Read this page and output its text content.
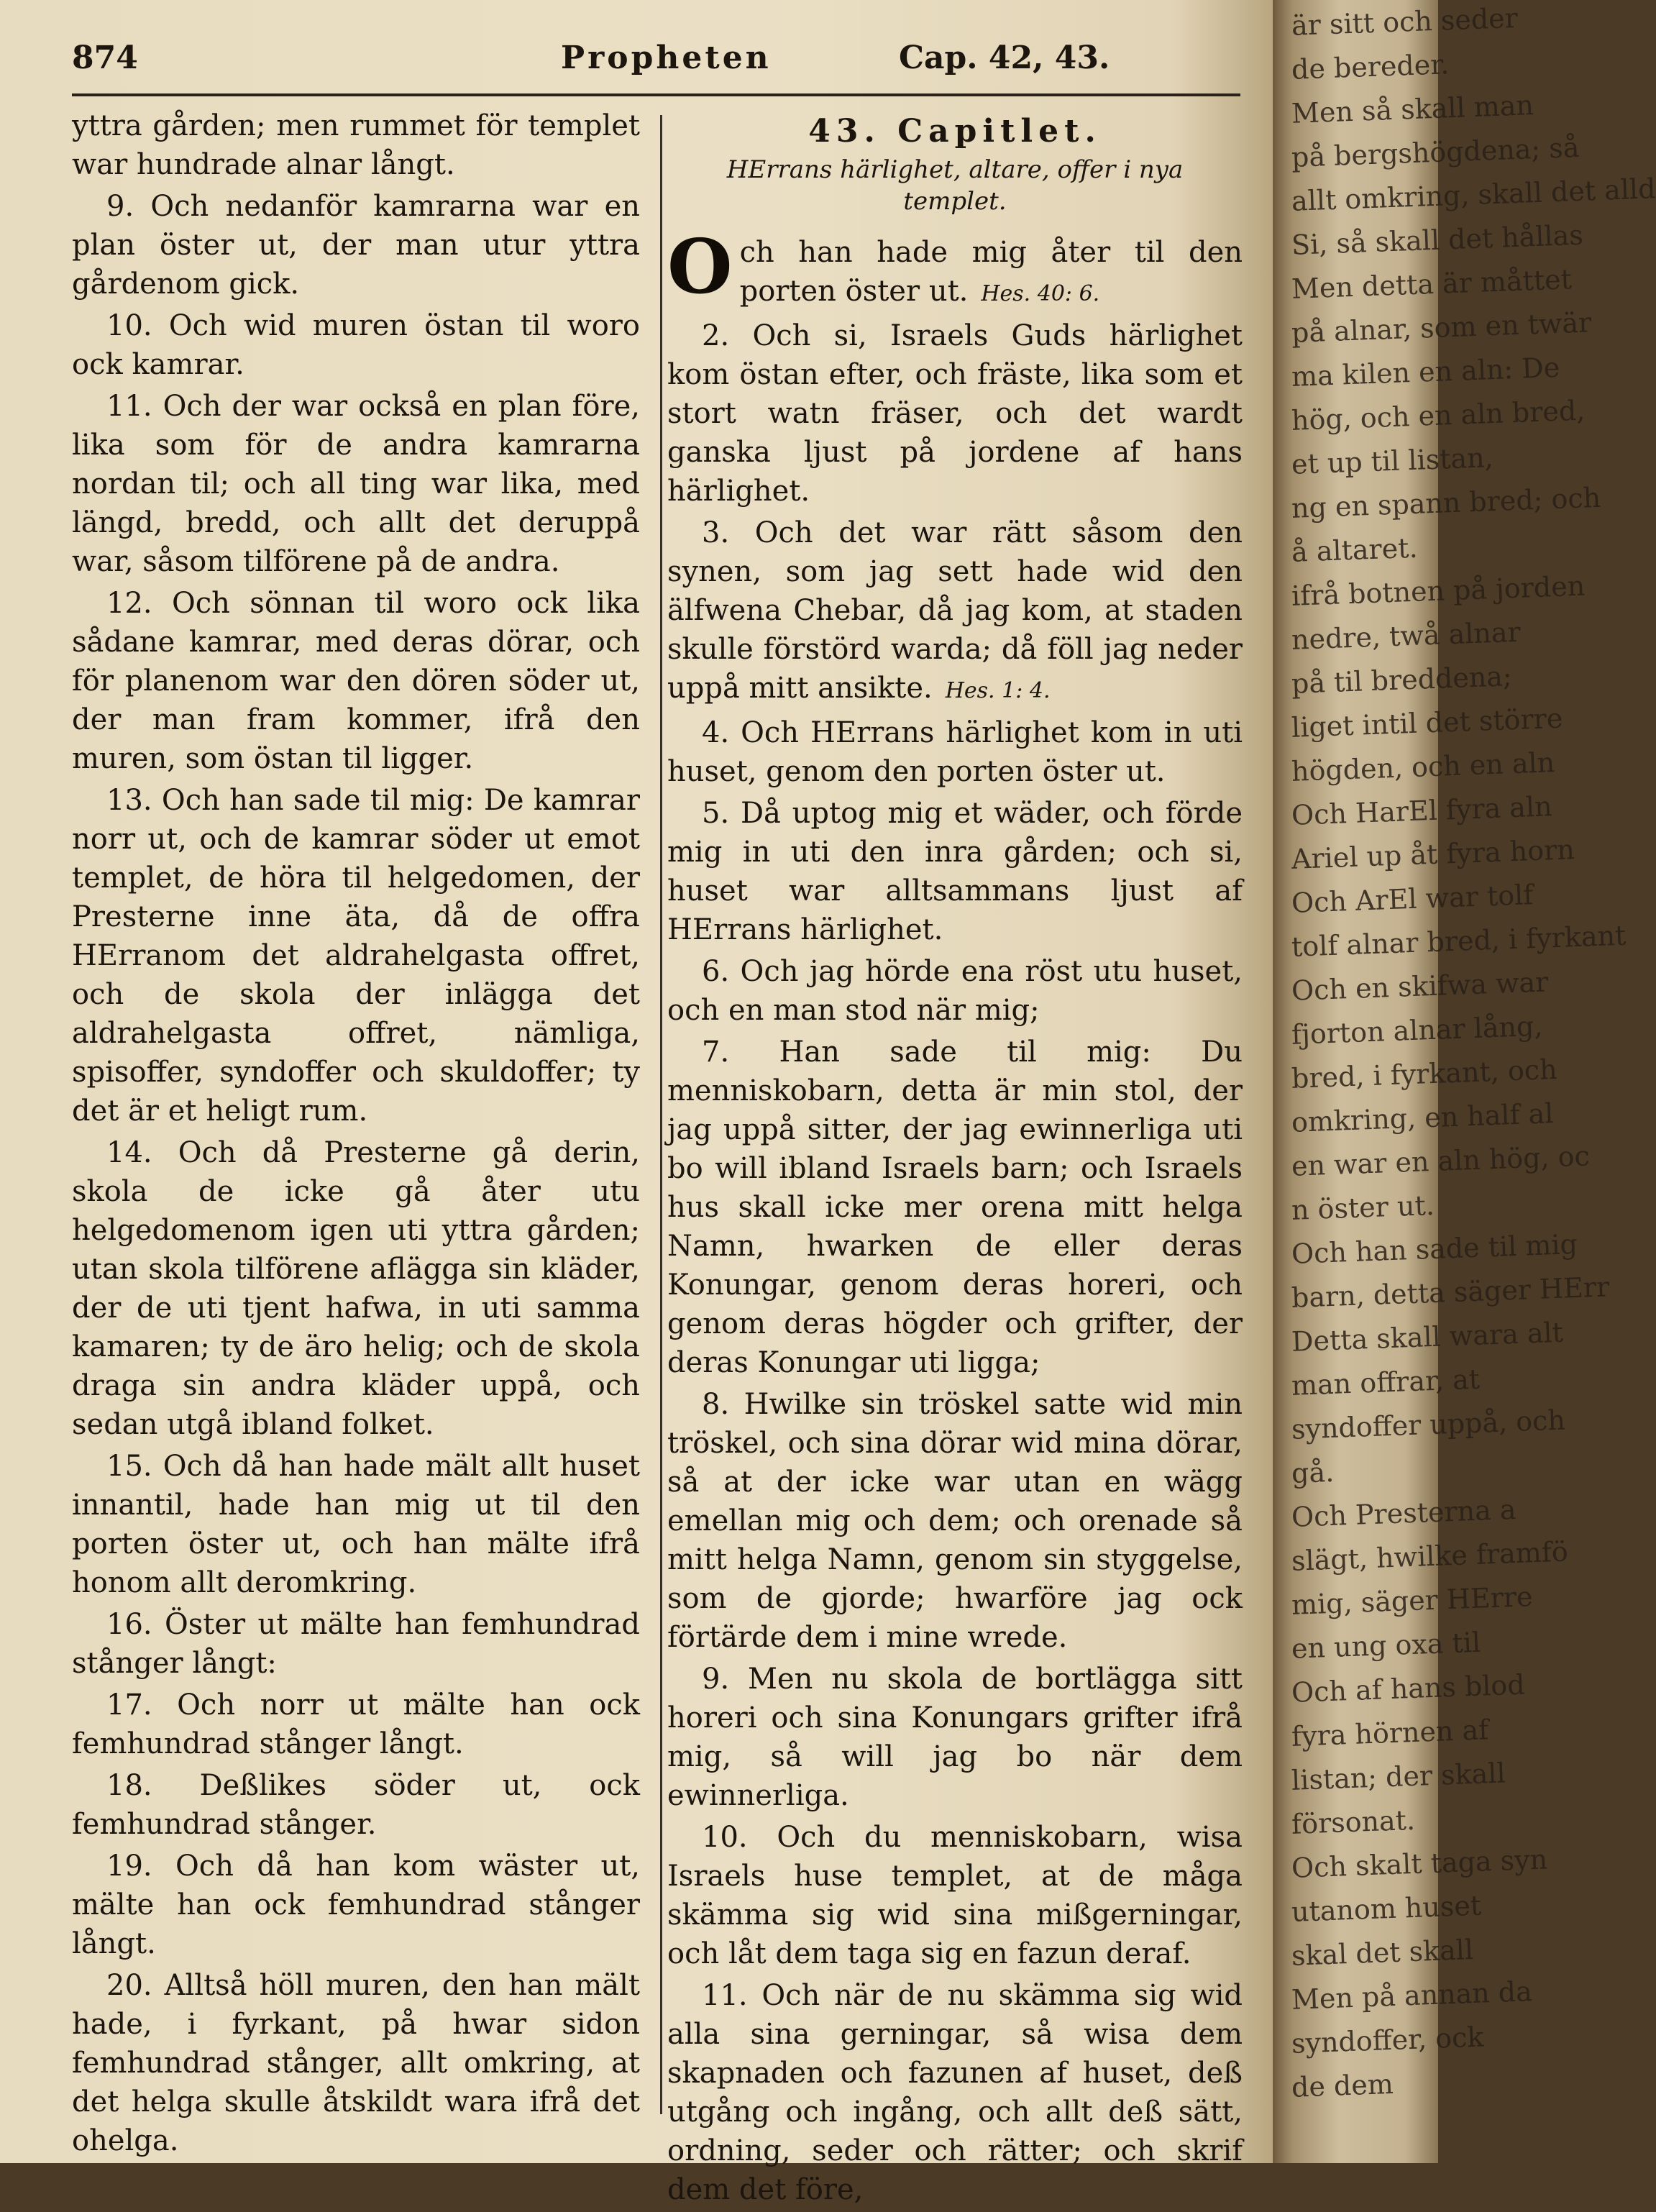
874	Propheten	Cap. 42, 43.

yttra gården; men rummet för templet war hundrade alnar långt.

9. Och nedanför kamrarna war en plan öster ut, der man utur yttra gårdenom gick.

10. Och wid muren östan til woro ock kamrar.

11. Och der war också en plan före, lika som för de andra kamrarna nordan til; och all ting war lika, med längd, bredd, och allt det deruppå war, såsom tilförene på de andra.

12. Och sönnan til woro ock lika sådane kamrar, med deras dörar, och för planenom war den dören söder ut, der man fram kommer, ifrå den muren, som östan til ligger.

13. Och han sade til mig: De kamrar norr ut, och de kamrar söder ut emot templet, de höra til helgedomen, der Presterne inne äta, då de offra HErranom det aldrahelgasta offret, och de skola der inlägga det aldrahelgasta offret, nämliga, spisoffer, syndoffer och skuldoffer; ty det är et heligt rum.

14. Och då Presterne gå derin, skola de icke gå åter utu helgedomenom igen uti yttra gården; utan skola tilförene aflägga sin kläder, der de uti tjent hafwa, in uti samma kamaren; ty de äro helig; och de skola draga sin andra kläder uppå, och sedan utgå ibland folket.

15. Och då han hade mält allt huset innantil, hade han mig ut til den porten öster ut, och han mälte ifrå honom allt deromkring.

16. Öster ut mälte han femhundrad stånger långt:

17. Och norr ut mälte han ock femhundrad stånger långt.

18. Deßlikes söder ut, ock femhundrad stånger.

19. Och då han kom wäster ut, mälte han ock femhundrad stånger långt.

20. Alltså höll muren, den han mält hade, i fyrkant, på hwar sidon femhundrad stånger, allt omkring, at det helga skulle åtskildt wara ifrå det ohelga.

43. Capitlet.
HErrans härlighet, altare, offer i nya templet.

Och han hade mig åter til den porten öster ut. Hes. 40: 6.

2. Och si, Israels Guds härlighet kom östan efter, och fräste, lika som et stort watn fräser, och det wardt ganska ljust på jordene af hans härlighet.

3. Och det war rätt såsom den synen, som jag sett hade wid den älfwena Chebar, då jag kom, at staden skulle förstörd warda; då föll jag neder uppå mitt ansikte. Hes. 1: 4.

4. Och HErrans härlighet kom in uti huset, genom den porten öster ut.

5. Då uptog mig et wäder, och förde mig in uti den inra gården; och si, huset war alltsammans ljust af HErrans härlighet.

6. Och jag hörde ena röst utu huset, och en man stod när mig;

7. Han sade til mig: Du menniskobarn, detta är min stol, der jag uppå sitter, der jag ewinnerliga uti bo will ibland Israels barn; och Israels hus skall icke mer orena mitt helga Namn, hwarken de eller deras Konungar, genom deras horeri, och genom deras högder och grifter, der deras Konungar uti ligga;

8. Hwilke sin tröskel satte wid min tröskel, och sina dörar wid mina dörar, så at der icke war utan en wägg emellan mig och dem; och orenade så mitt helga Namn, genom sin styggelse, som de gjorde; hwarföre jag ock förtärde dem i mine wrede.

9. Men nu skola de bortlägga sitt horeri och sina Konungars grifter ifrå mig, så will jag bo när dem ewinnerliga.

10. Och du menniskobarn, wisa Israels huse templet, at de måga skämma sig wid sina mißgerningar, och låt dem taga sig en fazun deraf.

11. Och när de nu skämma sig wid alla sina gerningar, så wisa dem skapnaden och fazunen af huset, deß utgång och ingång, och allt deß sätt, ordning, seder och rätter; och skrif dem det före,

är sitt och seder
de bereder.
Men så skall man
på bergshögdena; så
allt omkring, skall det alld
Si, så skall det hållas
Men detta är måttet
på alnar, som en twär
ma kilen en aln: De
hög, och en aln bred,
et up til listan,
ng en spann bred; och
å altaret.
ifrå botnen på jorden
nedre, twå alnar
på til breddena;
liget intil det större
högden, och en aln
Och HarEl fyra aln
Ariel up åt fyra horn
Och ArEl war tolf
tolf alnar bred, i fyrkant
Och en skifwa war
fjorton alnar lång,
bred, i fyrkant, och
omkring, en half al
en war en aln hög, oc
n öster ut.
Och han sade til mig
barn, detta säger HErr
Detta skall wara alt
man offrar, at
syndoffer uppå, och
gå.
Och Presterna a
slägt, hwilke framfö
mig, säger HErre
en ung oxa til
Och af hans blod
fyra hörnen af
listan; der skall
försonat.
Och skalt taga syn
utanom huset
skal det skall
Men på annan da
syndoffer, ock
de dem
